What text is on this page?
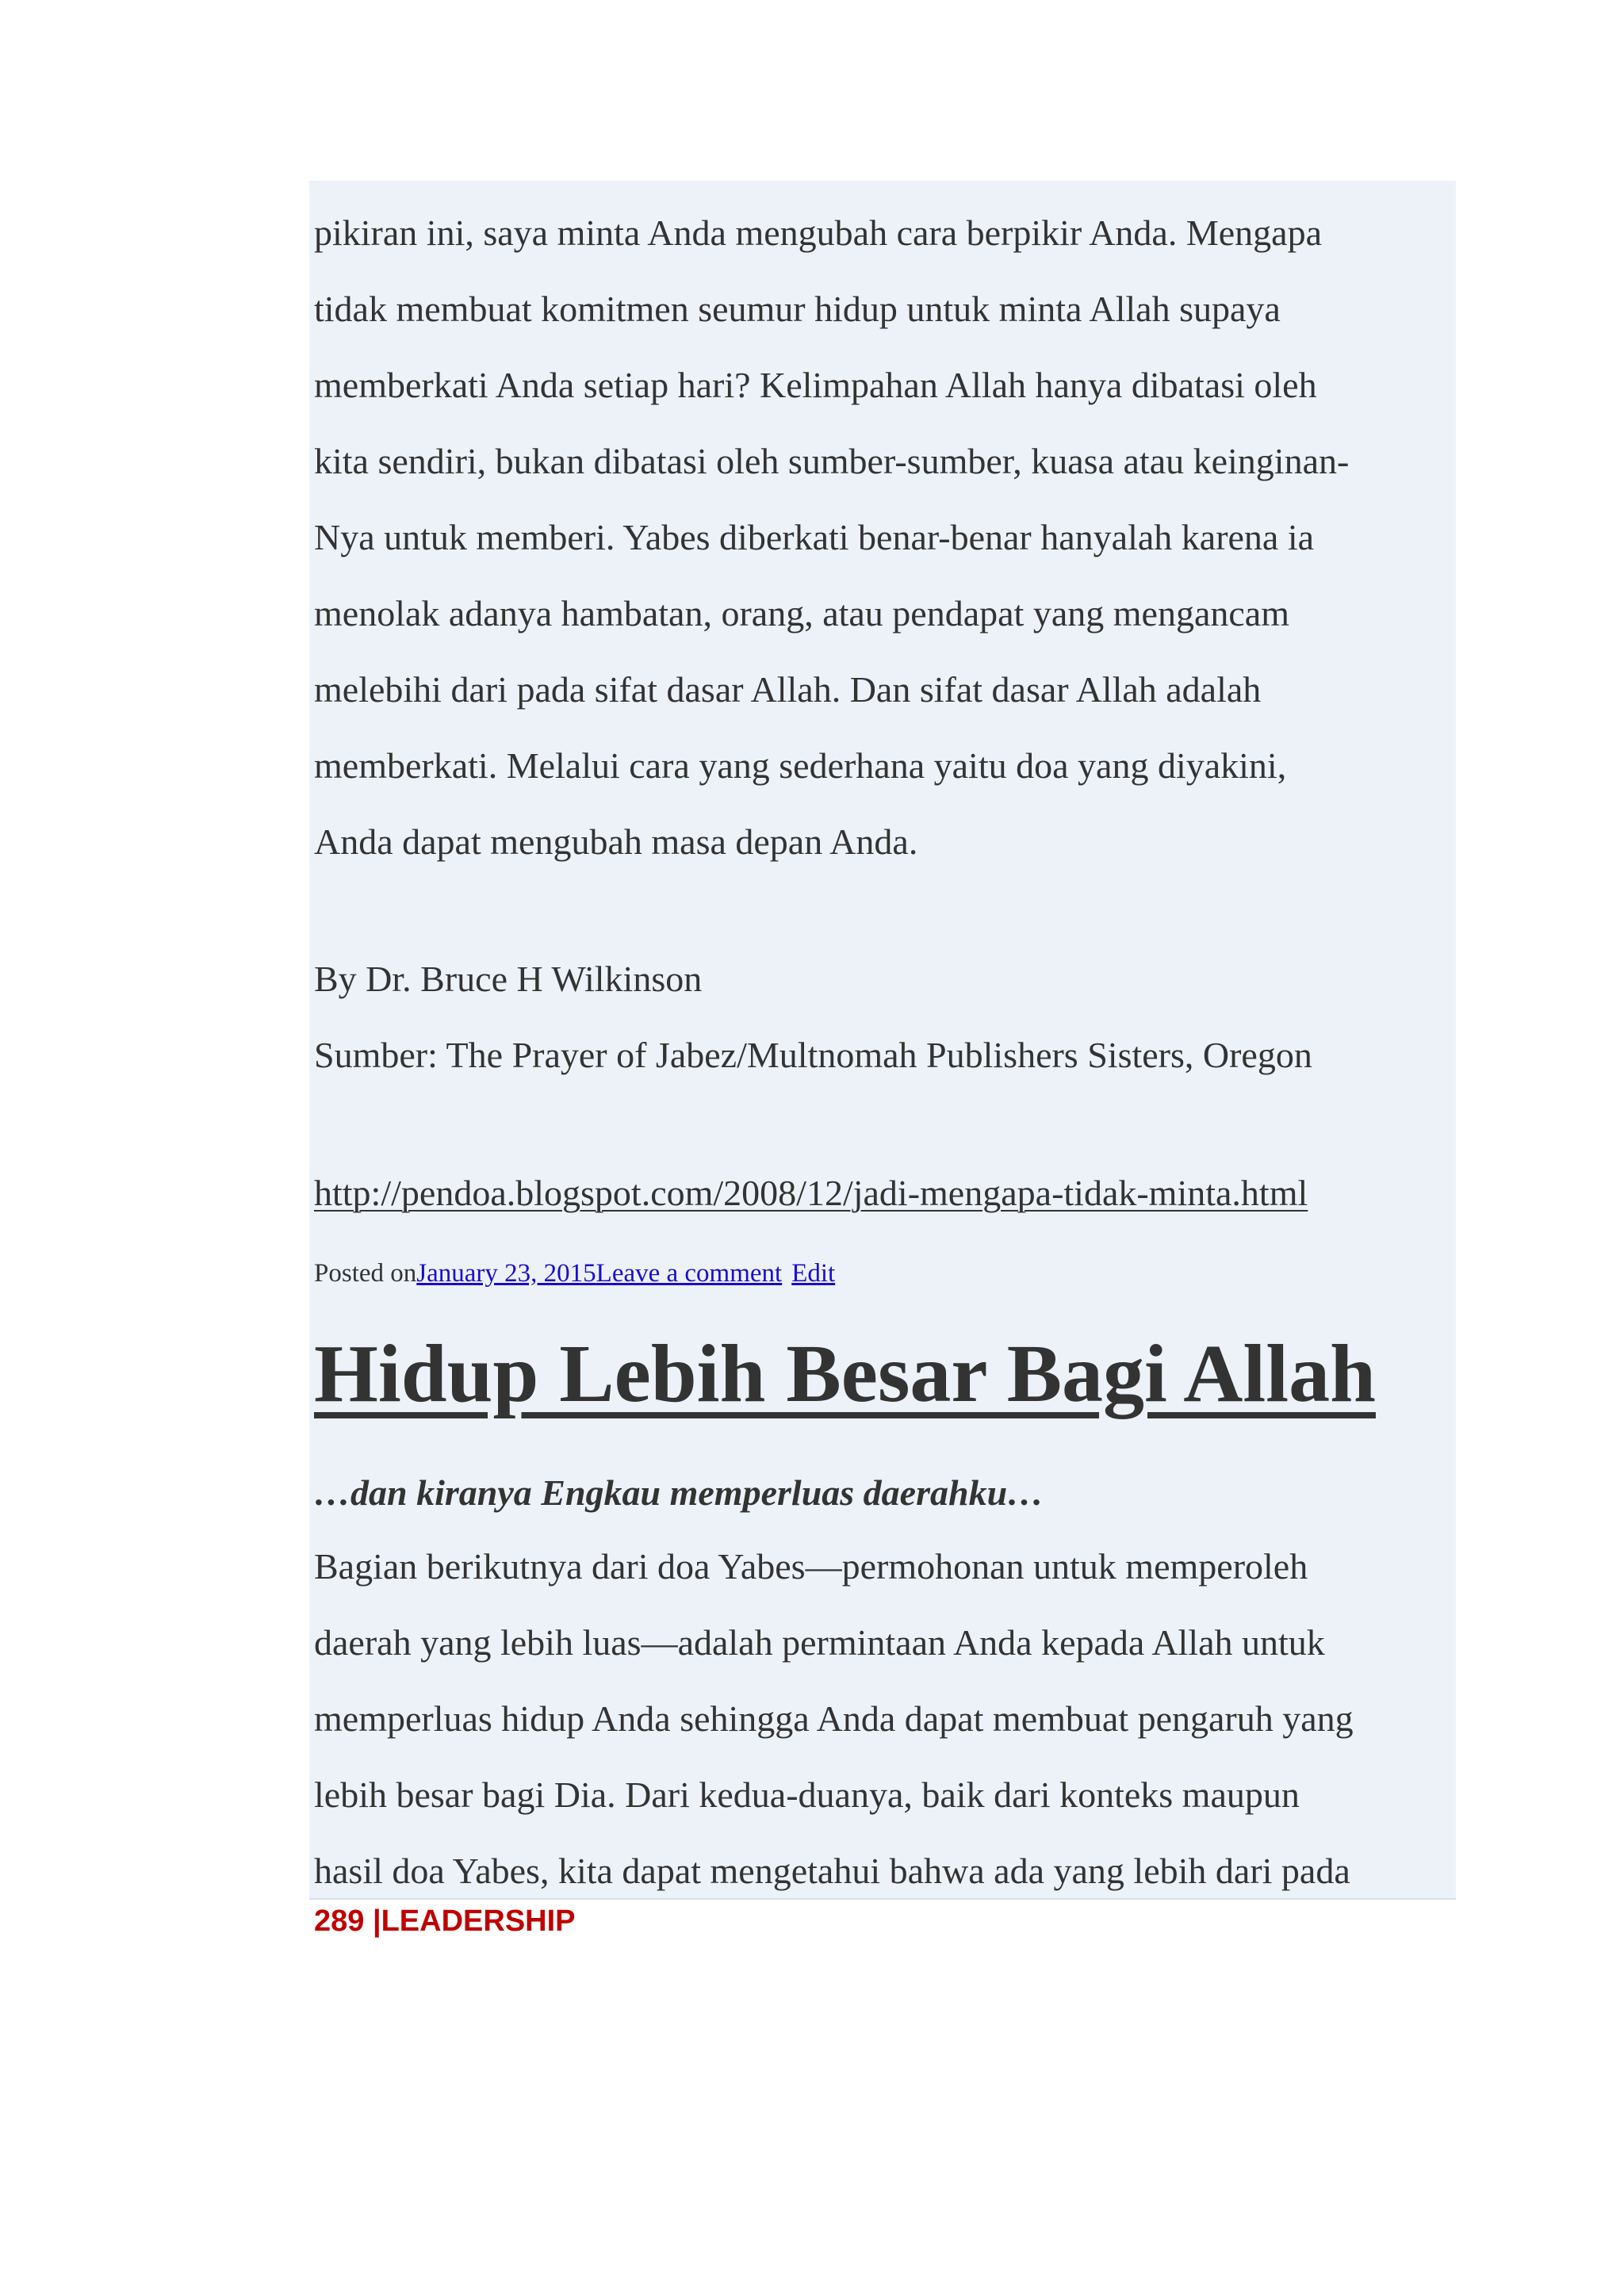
pikiran ini, saya minta Anda mengubah cara berpikir Anda. Mengapa
tidak membuat komitmen seumur hidup untuk minta Allah supaya
memberkati Anda setiap hari? Kelimpahan Allah hanya dibatasi oleh
kita sendiri, bukan dibatasi oleh sumber-sumber, kuasa atau keinginan-
Nya untuk memberi. Yabes diberkati benar-benar hanyalah karena ia
menolak adanya hambatan, orang, atau pendapat yang mengancam
melebihi dari pada sifat dasar Allah. Dan sifat dasar Allah adalah
memberkati. Melalui cara yang sederhana yaitu doa yang diyakini,
Anda dapat mengubah masa depan Anda.
By Dr. Bruce H Wilkinson
Sumber: The Prayer of Jabez/Multnomah Publishers Sisters, Oregon

http://pendoa.blogspot.com/2008/12/jadi-mengapa-tidak-minta.html

Posted onJanuary 23, 2015Leave a comment Edit

Hidup Lebih Besar Bagi Allah

…dan kiranya Engkau memperluas daerahku…

Bagian berikutnya dari doa Yabes—permohonan untuk memperoleh
daerah yang lebih luas—adalah permintaan Anda kepada Allah untuk
memperluas hidup Anda sehingga Anda dapat membuat pengaruh yang
lebih besar bagi Dia. Dari kedua-duanya, baik dari konteks maupun
hasil doa Yabes, kita dapat mengetahui bahwa ada yang lebih dari pada

289 |LEADERSHIP
